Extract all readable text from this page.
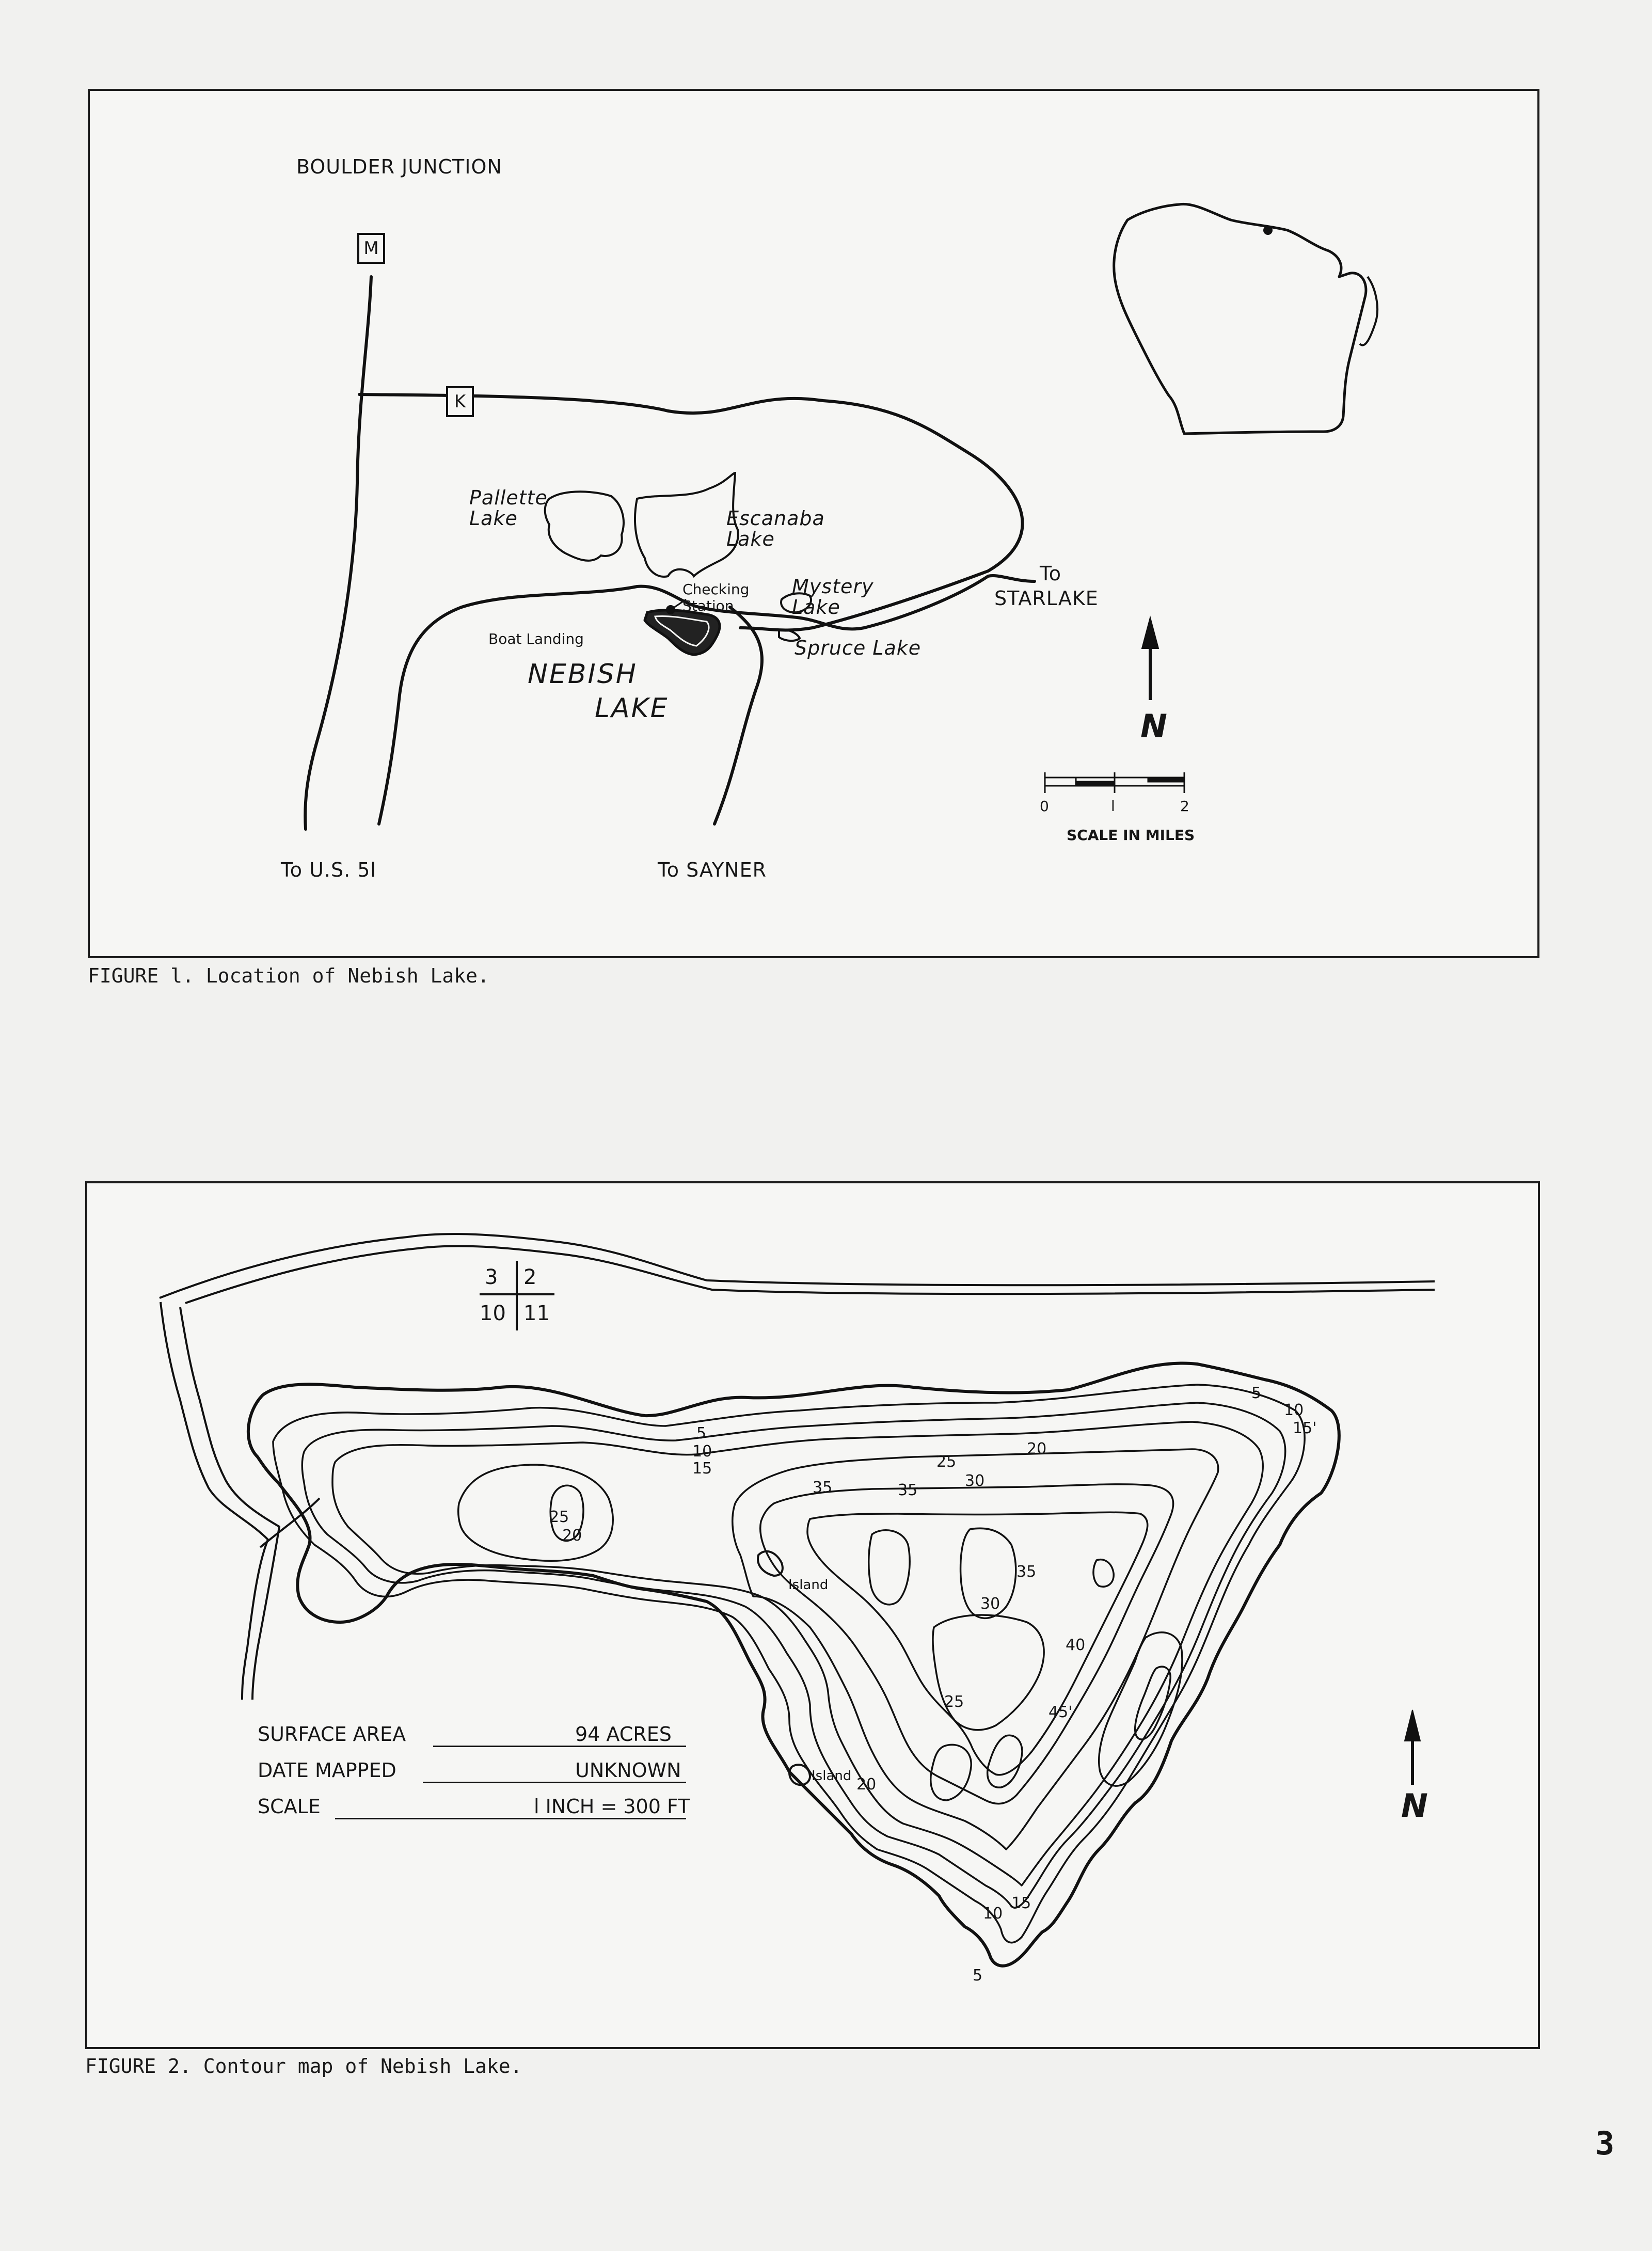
BOULDER JUNCTION
M
K
Pallette Lake	Escanaba Lake
Checking Station
Mystery Lake
To
STARLAKE
Boat Landing
NEBISH
LAKE
Spruce Lake
To U.S. 5l	To SAYNER
N
0	l	2
SCALE IN MILES
FIGURE l. Location of Nebish Lake.
3 2
10 11
5
10
15
25
20
35	35
25
30
20
5
10
15'
35
30
40
45'
25
20
10
15
5
Island
Island
SURFACE AREA	94 ACRES
DATE MAPPED	UNKNOWN
SCALE	l INCH = 300 FT	N
FIGURE 2. Contour map of Nebish Lake.
3
